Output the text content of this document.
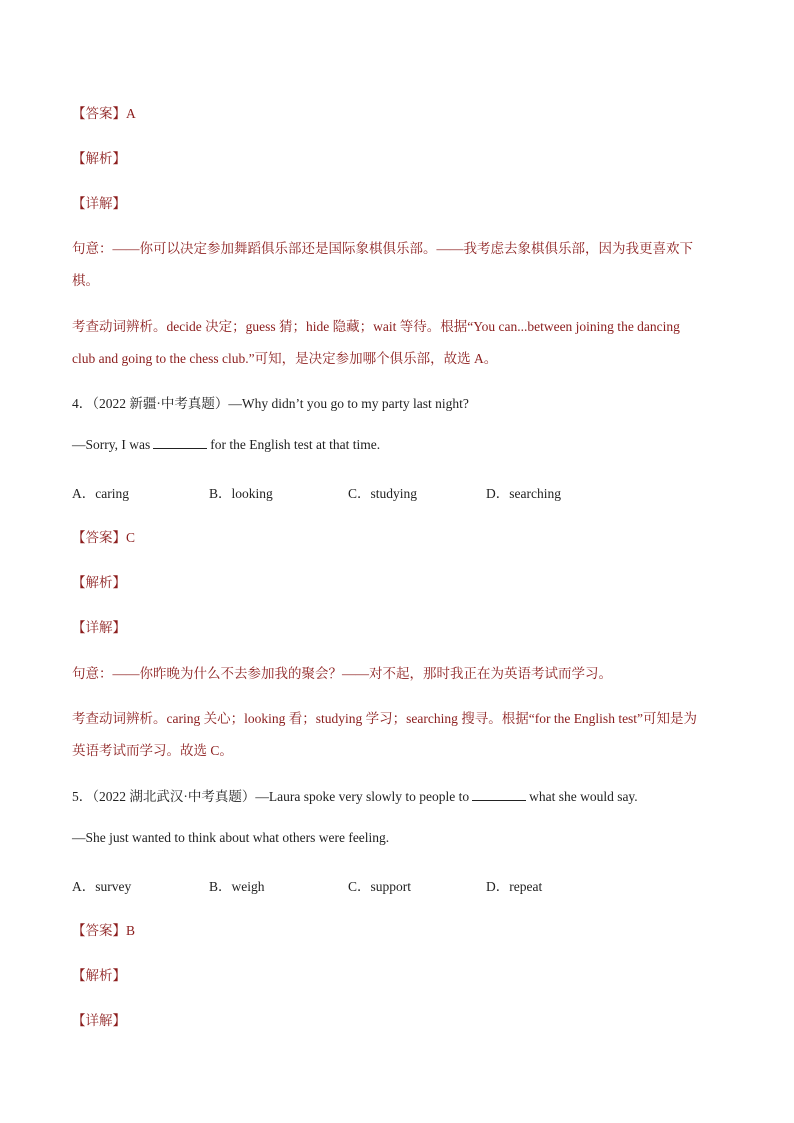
【答案】A
【解析】
【详解】
句意：——你可以决定参加舞蹈俱乐部还是国际象棋俱乐部。——我考虑去象棋俱乐部，因为我更喜欢下
棋。
考查动词辨析。decide 决定；guess 猜；hide 隐藏；wait 等待。根据“You can...between joining the dancing
club and going to the chess club.”可知，是决定参加哪个俱乐部，故选 A。
4．（2022 新疆·中考真题）—Why didn’t you go to my party last night?
—Sorry, I was	for the English test at that time.
A．caring	B．looking	C．studying	D．searching
【答案】C
【解析】
【详解】
句意：——你昨晚为什么不去参加我的聚会？——对不起，那时我正在为英语考试而学习。
考查动词辨析。caring 关心；looking 看；studying 学习；searching 搜寻。根据“for the English test”可知是为
英语考试而学习。故选 C。
5．（2022 湖北武汉·中考真题）—Laura spoke very slowly to people to	what she would say.
—She just wanted to think about what others were feeling.
A．survey	B．weigh	C．support	D．repeat
【答案】B
【解析】
【详解】
